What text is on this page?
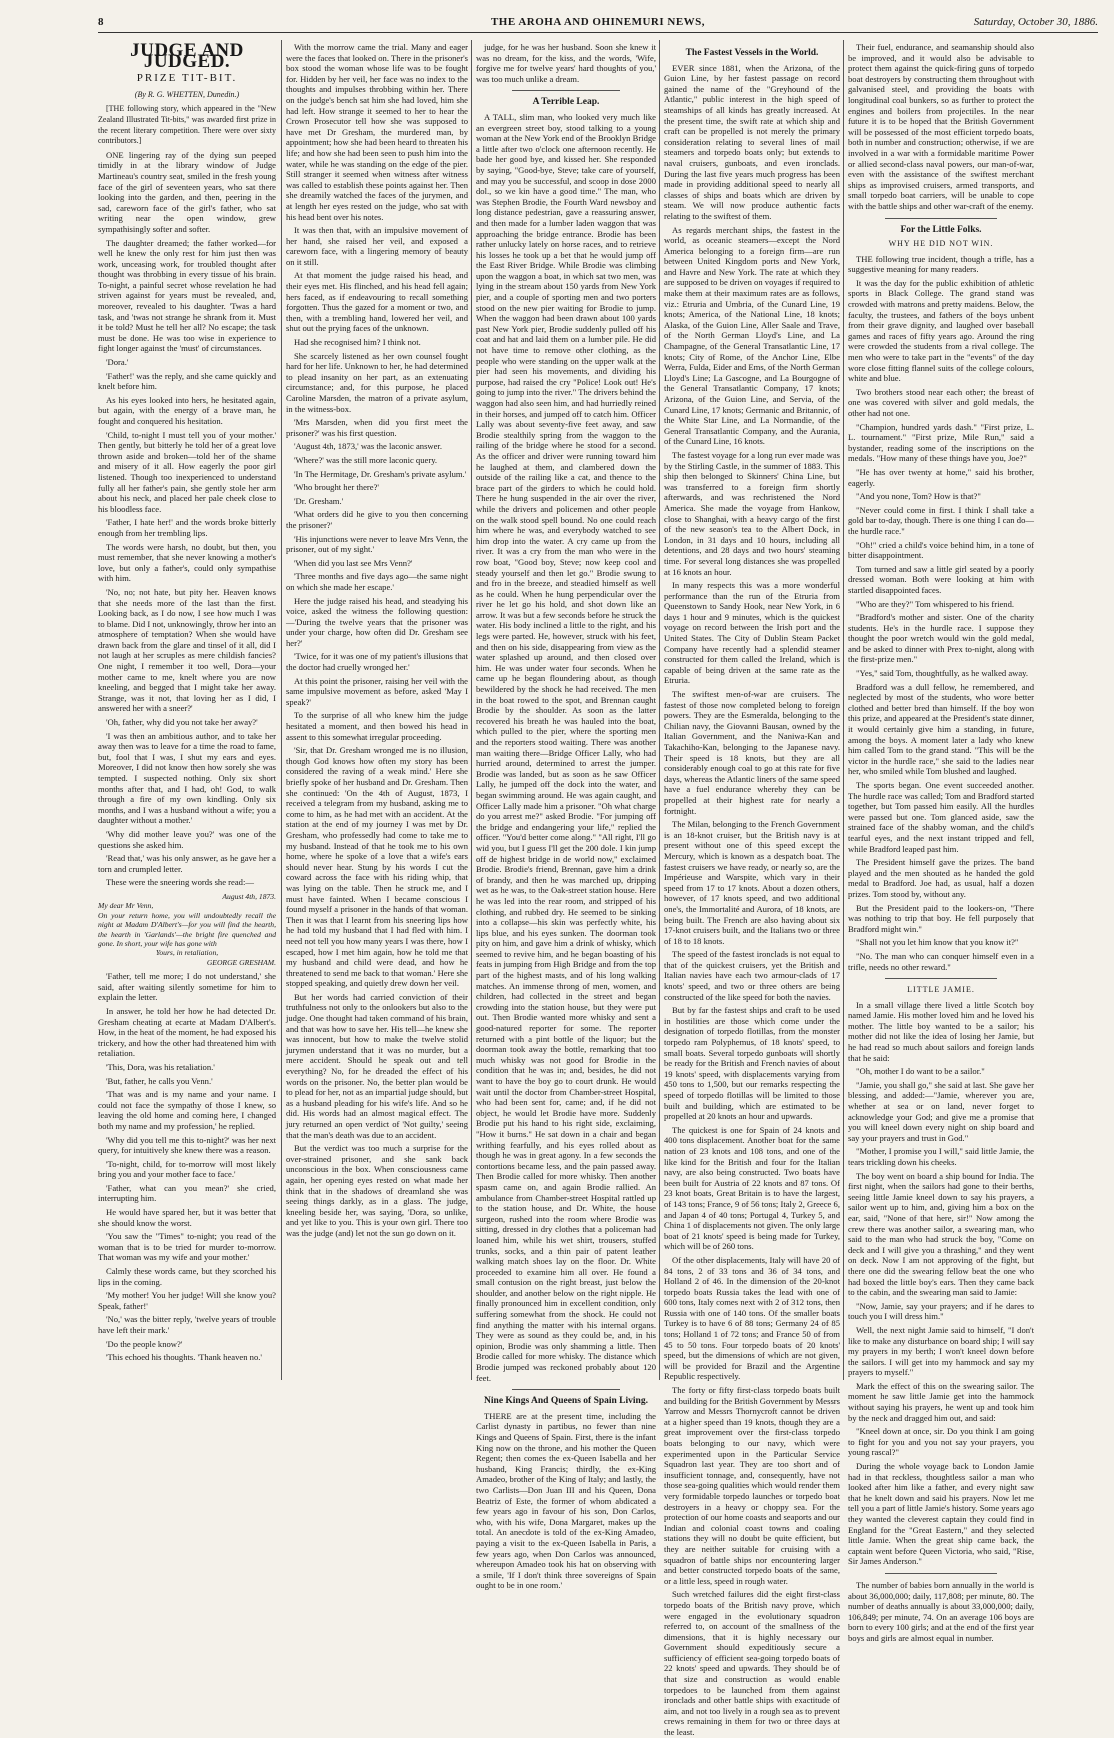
8	THE AROHA AND OHINEMURI NEWS,	Saturday, October 30, 1886.
JUDGE AND JUDGED.
PRIZE TIT-BIT.
(By R. G. WHETTEN, Dunedin.)

[THE following story, which appeared in the "New Zealand Illustrated Tit-bits," was awarded first prize in the recent literary competition. There were over sixty contributors.]

ONE lingering ray of the dying sun peeped timidly in at the library window of Judge Martineau's country seat, smiled in the fresh young face of the girl of seventeen years, who sat there looking into the garden, and then, peering in the sad, careworn face of the girl's father, who sat writing near the open window, grew sympathisingly softer and softer.

The daughter dreamed; the father worked—for well he knew the only rest for him just then was work, unceasing work, for troubled thought after thought was throbbing in every tissue of his brain. To-night, a painful secret whose revelation he had striven against for years must be revealed, and, moreover, revealed to his daughter. 'Twas a hard task, and 'twas not strange he shrank from it. Must it be told? Must he tell her all? No escape; the task must be done. He was too wise in experience to fight longer against the 'must' of circumstances.

'Dora.'

'Father!' was the reply, and she came quickly and knelt before him.

As his eyes looked into hers, he hesitated again, but again, with the energy of a brave man, he fought and conquered his hesitation.

'Child, to-night I must tell you of your mother.' Then gently, but bitterly he told her of a great love thrown aside and broken—told her of the shame and misery of it all. How eagerly the poor girl listened. Though too inexperienced to understand fully all her father's pain, she gently stole her arm about his neck, and placed her pale cheek close to his bloodless face.

'Father, I hate her!' and the words broke bitterly enough from her trembling lips.

The words were harsh, no doubt, but then, you must remember, that she never knowing a mother's love, but only a father's, could only sympathise with him.

'No, no; not hate, but pity her. Heaven knows that she needs more of the last than the first. Looking back, as I do now, I see how much I was to blame. Did I not, unknowingly, throw her into an atmosphere of temptation? When she would have drawn back from the glare and tinsel of it all, did I not laugh at her scruples as mere childish fancies? One night, I remember it too well, Dora—your mother came to me, knelt where you are now kneeling, and begged that I might take her away. Strange, was it not, that loving her as I did, I answered her with a sneer?'

'Oh, father, why did you not take her away?'

'I was then an ambitious author, and to take her away then was to leave for a time the road to fame, but, fool that I was, I shut my ears and eyes. Moreover, I did not know then how sorely she was tempted. I suspected nothing. Only six short months after that, and I had, oh! God, to walk through a fire of my own kindling. Only six months, and I was a husband without a wife; you a daughter without a mother.'

'Why did mother leave you?' was one of the questions she asked him.

'Read that,' was his only answer, as he gave her a torn and crumpled letter.

These were the sneering words she read:—

August 4th, 1873.
My dear Mr Venn,
On your return home, you will undoubtedly recall the night at Madam D'Albert's—for you will find the hearth, the hearth in 'Garlands'—the bright fire quenched and gone. In short, your wife has gone with
Yours, in retaliation,
GEORGE GRESHAM.

'Father, tell me more; I do not understand,' she said, after waiting silently sometime for him to explain the letter.

In answer, he told her how he had detected Dr. Gresham cheating at ecarte at Madam D'Albert's. How, in the heat of the moment, he had exposed his trickery, and how the other had threatened him with retaliation.

'This, Dora, was his retaliation.'

'But, father, he calls you Venn.'

'That was and is my name and your name. I could not face the sympathy of those I knew, so leaving the old home and coming here, I changed both my name and my profession,' he replied.

'Why did you tell me this to-night?' was her next query, for intuitively she knew there was a reason.

'To-night, child, for to-morrow will most likely bring you and your mother face to face.'

'Father, what can you mean?' she cried, interrupting him.

He would have spared her, but it was better that she should know the worst.

'You saw the "Times" to-night; you read of the woman that is to be tried for murder to-morrow. That woman was my wife and your mother.'

Calmly these words came, but they scorched his lips in the coming.

'My mother! You her judge! Will she know you? Speak, father!'

'No,' was the bitter reply, 'twelve years of trouble have left their mark.'

'Do the people know?'

'This echoed his thoughts. 'Thank heaven no.'

With the morrow came the trial. Many and eager were the faces that looked on. There in the prisoner's box stood the woman whose life was to be fought for. Hidden by her veil, her face was no index to the thoughts and impulses throbbing within her. There on the judge's bench sat him she had loved, him she had left. How strange it seemed to her to hear the Crown Prosecutor tell how she was supposed to have met Dr Gresham, the murdered man, by appointment; how she had been heard to threaten his life; and how she had been seen to push him into the water, while he was standing on the edge of the pier. Still stranger it seemed when witness after witness was called to establish these points against her. Then she dreamily watched the faces of the jurymen, and at length her eyes rested on the judge, who sat with his head bent over his notes.

It was then that, with an impulsive movement of her hand, she raised her veil, and exposed a careworn face, with a lingering memory of beauty on it still.

At that moment the judge raised his head, and their eyes met. His flinched, and his head fell again; hers faced, as if endeavouring to recall something forgotten. Thus the gazed for a moment or two, and then, with a trembling hand, lowered her veil, and shut out the prying faces of the unknown.

Had she recognised him? I think not.

She scarcely listened as her own counsel fought hard for her life. Unknown to her, he had determined to plead insanity on her part, as an extenuating circumstance; and, for this purpose, he placed Caroline Marsden, the matron of a private asylum, in the witness-box.

'Mrs Marsden, when did you first meet the prisoner?' was his first question.

'August 4th, 1873,' was the laconic answer.

'Where?' was the still more laconic query.

'In The Hermitage, Dr. Gresham's private asylum.'

'Who brought her there?'

'Dr. Gresham.'

'What orders did he give to you then concerning the prisoner?'

'His injunctions were never to leave Mrs Venn, the prisoner, out of my sight.'

'When did you last see Mrs Venn?'

'Three months and five days ago—the same night on which she made her escape.'

Here the judge raised his head, and steadying his voice, asked the witness the following question:—'During the twelve years that the prisoner was under your charge, how often did Dr. Gresham see her?'

'Twice, for it was one of my patient's illusions that the doctor had cruelly wronged her.'

At this point the prisoner, raising her veil with the same impulsive movement as before, asked 'May I speak?'

To the surprise of all who knew him the judge hesitated a moment, and then bowed his head in assent to this somewhat irregular proceeding.

'Sir, that Dr. Gresham wronged me is no illusion, though God knows how often my story has been considered the raving of a weak mind.' Here she briefly spoke of her husband and Dr. Gresham. Then she continued: 'On the 4th of August, 1873, I received a telegram from my husband, asking me to come to him, as he had met with an accident. At the station at the end of my journey I was met by Dr. Gresham, who professedly had come to take me to my husband. Instead of that he took me to his own home, where he spoke of a love that a wife's ears should never hear. Stung by his words I cut the coward across the face with his riding whip, that was lying on the table. Then he struck me, and I must have fainted. When I became conscious I found myself a prisoner in the hands of that woman. Then it was that I learnt from his sneering lips how he had told my husband that I had fled with him. I need not tell you how many years I was there, how I escaped, how I met him again, how he told me that my husband and child were dead, and how he threatened to send me back to that woman.' Here she stopped speaking, and quietly drew down her veil.

But her words had carried conviction of their truthfulness not only to the onlookers but also to the judge. One thought had taken command of his brain, and that was how to save her. His tell—he knew she was innocent, but how to make the twelve stolid jurymen understand that it was no murder, but a mere accident. Should he speak out and tell everything? No, for he dreaded the effect of his words on the prisoner. No, the better plan would be to plead for her, not as an impartial judge should, but as a husband pleading for his wife's life. And so he did. His words had an almost magical effect. The jury returned an open verdict of 'Not guilty,' seeing that the man's death was due to an accident.

But the verdict was too much a surprise for the over-strained prisoner, and she sank back unconscious in the box. When consciousness came again, her opening eyes rested on what made her think that in the shadows of dreamland she was seeing things darkly, as in a glass. The judge, kneeling beside her, was saying, 'Dora, so unlike, and yet like to you. This is your own girl. There too was the judge (and) let not the sun go down on it.

judge, for he was her husband. Soon she knew it was no dream, for the kiss, and the words, 'Wife, forgive me for twelve years' hard thoughts of you,' was too much unlike a dream.

A Terrible Leap.

A TALL, slim man, who looked very much like an evergreen street boy, stood talking to a young woman at the New York end of the Brooklyn Bridge a little after two o'clock one afternoon recently. He bade her good bye, and kissed her. She responded by saying, "Good-bye, Steve; take care of yourself, and may you be successful, and scoop in dose 2000 dol., so we kin have a good time." The man, who was Stephen Brodie, the Fourth Ward newsboy and long distance pedestrian, gave a reassuring answer, and then made for a lumber laden waggon that was approaching the bridge entrance. Brodie has been rather unlucky lately on horse races, and to retrieve his losses he took up a bet that he would jump off the East River Bridge. While Brodie was climbing upon the waggon a boat, in which sat two men, was lying in the stream about 150 yards from New York pier, and a couple of sporting men and two porters stood on the new pier waiting for Brodie to jump. When the waggon had been drawn about 100 yards past New York pier, Brodie suddenly pulled off his coat and hat and laid them on a lumber pile. He did not have time to remove other clothing, as the people who were standing on the upper walk at the pier had seen his movements, and dividing his purpose, had raised the cry "Police! Look out! He's going to jump into the river." The drivers behind the waggon had also seen him, and had hurriedly reined in their horses, and jumped off to catch him. Officer Lally was about seventy-five feet away, and saw Brodie stealthily spring from the waggon to the railing of the bridge where he stood for a second. As the officer and driver were running toward him he laughed at them, and clambered down the outside of the railing like a cat, and thence to the brace part of the girders to which he could hold. There he hung suspended in the air over the river, while the drivers and policemen and other people on the walk stood spell bound. No one could reach him where he was, and everybody watched to see him drop into the water. A cry came up from the river. It was a cry from the man who were in the row boat, "Good boy, Steve; now keep cool and steady yourself and then let go." Brodie swung to and fro in the breeze, and steadied himself as well as he could. When he hung perpendicular over the river he let go his hold, and shot down like an arrow. It was but a few seconds before he struck the water. His body inclined a little to the right, and his legs were parted. He, however, struck with his feet, and then on his side, disappearing from view as the water splashed up around, and then closed over him. He was under water four seconds. When he came up he began floundering about, as though bewildered by the shock he had received. The men in the boat rowed to the spot, and Brennan caught Brodie by the shoulder. As soon as the latter recovered his breath he was hauled into the boat, which pulled to the pier, where the sporting men and the reporters stood waiting. There was another man waiting there—Bridge Officer Lally, who had hurried around, determined to arrest the jumper. Brodie was landed, but as soon as he saw Officer Lally, he jumped off the dock into the water, and began swimming around. He was again caught, and Officer Lally made him a prisoner. "Oh what charge do you arrest me?" asked Brodie. "For jumping off the bridge and endangering your life," replied the officer. "You'd better come along." "All right, I'll go wid you, but I guess I'll get the 200 dole. I kin jump off de highest bridge in de world now," exclaimed Brodie. Brodie's friend, Brennan, gave him a drink of brandy, and then he was marched up, dripping wet as he was, to the Oak-street station house. Here he was led into the rear room, and stripped of his clothing, and rubbed dry. He seemed to be sinking into a collapse—his skin was perfectly white, his lips blue, and his eyes sunken. The doorman took pity on him, and gave him a drink of whisky, which seemed to revive him, and he began boasting of his feats in jumping from High Bridge and from the top part of the highest masts, and of his long walking matches. An immense throng of men, women, and children, had collected in the street and began crowding into the station house, but they were put out. Then Brodie wanted more whisky and sent a good-natured reporter for some. The reporter returned with a pint bottle of the liquor; but the doorman took away the bottle, remarking that too much whisky was not good for Brodie in the condition that he was in; and, besides, he did not want to have the boy go to court drunk. He would wait until the doctor from Chamber-street Hospital, who had been sent for, came; and, if he did not object, he would let Brodie have more. Suddenly Brodie put his hand to his right side, exclaiming, "How it burns." He sat down in a chair and began writhing fearfully, and his eyes rolled about as though he was in great agony. In a few seconds the contortions became less, and the pain passed away. Then Brodie called for more whisky. Then another spasm came on, and again Brodie rallied. An ambulance from Chamber-street Hospital rattled up to the station house, and Dr. White, the house surgeon, rushed into the room where Brodie was sitting, dressed in dry clothes that a policeman had loaned him, while his wet shirt, trousers, stuffed trunks, socks, and a thin pair of patent leather walking match shoes lay on the floor. Dr. White proceeded to examine him all over. He found a small contusion on the right breast, just below the shoulder, and another below on the right nipple. He finally pronounced him in excellent condition, only suffering somewhat from the shock. He could not find anything the matter with his internal organs. They were as sound as they could be, and, in his opinion, Brodie was only shamming a little. Then Brodie called for more whisky. The distance which Brodie jumped was reckoned probably about 120 feet.

Nine Kings And Queens of Spain Living.

THERE are at the present time, including the Carlist dynasty in partibus, no fewer than nine Kings and Queens of Spain. First, there is the infant King now on the throne, and his mother the Queen Regent; then comes the ex-Queen Isabella and her husband, King Francis; thirdly, the ex-King Amadeo, brother of the King of Italy; and lastly, the two Carlists—Don Juan III and his Queen, Dona Beatriz of Este, the former of whom abdicated a few years ago in favour of his son, Don Carlos, who, with his wife, Dona Margaret, makes up the total. An anecdote is told of the ex-King Amadeo, paying a visit to the ex-Queen Isabella in Paris, a few years ago, when Don Carlos was announced, whereupon Amadeo took his hat on observing with a smile, 'If I don't think three sovereigns of Spain ought to be in one room.'

The Fastest Vessels in the World.

EVER since 1881, when the Arizona, of the Guion Line, by her fastest passage on record gained the name of the "Greyhound of the Atlantic," public interest in the high speed of steamships of all kinds has greatly increased. At the present time, the swift rate at which ship and craft can be propelled is not merely the primary consideration relating to several lines of mail steamers and torpedo boats only; but extends to naval cruisers, gunboats, and even ironclads. During the last five years much progress has been made in providing additional speed to nearly all classes of ships and boats which are driven by steam. We will now produce authentic facts relating to the swiftest of them.

As regards merchant ships, the fastest in the world, as oceanic steamers—except the Nord America belonging to a foreign firm—are run between United Kingdom ports and New York, and Havre and New York. The rate at which they are supposed to be driven on voyages if required to make them at their maximum rates are as follows, viz.: Etruria and Umbria, of the Cunard Line, 19 knots; America, of the National Line, 18 knots; Alaska, of the Guion Line, Aller Saale and Trave, of the North German Lloyd's Line, and La Champagne, of the General Transatlantic Line, 17 knots; City of Rome, of the Anchor Line, Elbe Werra, Fulda, Eider and Ems, of the North German Lloyd's Line; La Gascogne, and La Bourgogne of the General Transatlantic Company, 17 knots; Arizona, of the Guion Line, and Servia, of the Cunard Line, 17 knots; Germanic and Britannic, of the White Star Line, and La Normandie, of the General Transatlantic Company, and the Aurania, of the Cunard Line, 16 knots.

The fastest voyage for a long run ever made was by the Stirling Castle, in the summer of 1883. This ship then belonged to Skinners' China Line, but was transferred to a foreign firm shortly afterwards, and was rechristened the Nord America. She made the voyage from Hankow, close to Shanghai, with a heavy cargo of the first of the new season's tea to the Albert Dock, in London, in 31 days and 10 hours, including all detentions, and 28 days and two hours' steaming time. For several long distances she was propelled at 16 knots an hour.

In many respects this was a more wonderful performance than the run of the Etruria from Queenstown to Sandy Hook, near New York, in 6 days 1 hour and 9 minutes, which is the quickest voyage on record between the Irish port and the United States. The City of Dublin Steam Packet Company have recently had a splendid steamer constructed for them called the Ireland, which is capable of being driven at the same rate as the Etruria.

The swiftest men-of-war are cruisers. The fastest of those now completed belong to foreign powers. They are the Esmeralda, belonging to the Chilian navy, the Giovanni Bausan, owned by the Italian Government, and the Naniwa-Kan and Takachiho-Kan, belonging to the Japanese navy. Their speed is 18 knots, but they are all considerably enough coal to go at this rate for five days, whereas the Atlantic liners of the same speed have a fuel endurance whereby they can be propelled at their highest rate for nearly a fortnight.

The Milan, belonging to the French Government is an 18-knot cruiser, but the British navy is at present without one of this speed except the Mercury, which is known as a despatch boat. The fastest cruisers we have ready, or nearly so, are the Impérieuse and Warspite, which vary in their speed from 17 to 17 knots. About a dozen others, however, of 17 knots speed, and two additional one's, the Immortalité and Aurora, of 18 knots, are being built. The French are also having about six 17-knot cruisers built, and the Italians two or three of 18 to 18 knots.

The speed of the fastest ironclads is not equal to that of the quickest cruisers, yet the British and Italian navies have each two armour-clads of 17 knots' speed, and two or three others are being constructed of the like speed for both the navies.

But by far the fastest ships and craft to be used in hostilities are those which come under the designation of torpedo flotillas, from the monster torpedo ram Polyphemus, of 18 knots' speed, to small boats. Several torpedo gunboats will shortly be ready for the British and French navies of about 19 knots' speed, with displacements varying from 450 tons to 1,500, but our remarks respecting the speed of torpedo flotillas will be limited to those built and building, which are estimated to be propelled at 20 knots an hour and upwards.

The quickest is one for Spain of 24 knots and 400 tons displacement. Another boat for the same nation of 23 knots and 108 tons, and one of the like kind for the British and four for the Italian navy, are also being constructed. Two boats have been built for Austria of 22 knots and 87 tons. Of 23 knot boats, Great Britain is to have the largest, of 143 tons; France, 9 of 56 tons; Italy 2, Greece 6, and Japan 4 of 40 tons; Portugal 4, Turkey 5, and China 1 of displacements not given. The only large boat of 21 knots' speed is being made for Turkey, which will be of 260 tons.

Of the other displacements, Italy will have 20 of 84 tons, 2 of 33 tons and 36 of 34 tons, and Holland 2 of 46. In the dimension of the 20-knot torpedo boats Russia takes the lead with one of 600 tons, Italy comes next with 2 of 312 tons, then Russia with one of 140 tons. Of the smaller boats Turkey is to have 6 of 88 tons; Germany 24 of 85 tons; Holland 1 of 72 tons; and France 50 of from 45 to 50 tons. Four torpedo boats of 20 knots' speed, but the dimensions of which are not given, will be provided for Brazil and the Argentine Republic respectively.

The forty or fifty first-class torpedo boats built and building for the British Government by Messrs Yarrow and Messrs Thornycroft cannot be driven at a higher speed than 19 knots, though they are a great improvement over the first-class torpedo boats belonging to our navy, which were experimented upon in the Particular Service Squadron last year. They are too short and of insufficient tonnage, and, consequently, have not those sea-going qualities which would render them very formidable torpedo launches or torpedo boat destroyers in a heavy or choppy sea. For the protection of our home coasts and seaports and our Indian and colonial coast towns and coaling stations they will no doubt be quite efficient, but they are neither suitable for cruising with a squadron of battle ships nor encountering larger and better constructed torpedo boats of the same, or a little less, speed in rough water.

Such wretched failures did the eight first-class torpedo boats of the British navy prove, which were engaged in the evolutionary squadron referred to, on account of the smallness of the dimensions, that it is highly necessary our Government should expeditiously secure a sufficiency of efficient sea-going torpedo boats of 22 knots' speed and upwards. They should be of that size and construction as would enable torpedoes to be launched from them against ironclads and other battle ships with exactitude of aim, and not too lively in a rough sea as to prevent crews remaining in them for two or three days at the least.

Their fuel, endurance, and seamanship should also be improved, and it would also be advisable to protect them against the quick-firing guns of torpedo boat destroyers by constructing them throughout with galvanised steel, and providing the boats with longitudinal coal bunkers, so as further to protect the engines and boilers from projectiles. In the near future it is to be hoped that the British Government will be possessed of the most efficient torpedo boats, both in number and construction; otherwise, if we are involved in a war with a formidable maritime Power or allied second-class naval powers, our man-of-war, even with the assistance of the swiftest merchant ships as improvised cruisers, armed transports, and small torpedo boat carriers, will be unable to cope with the battle ships and other war-craft of the enemy.

For the Little Folks.
WHY HE DID NOT WIN.

THE following true incident, though a trifle, has a suggestive meaning for many readers.

It was the day for the public exhibition of athletic sports in Black College. The grand stand was crowded with matrons and pretty maidens. Below, the faculty, the trustees, and fathers of the boys unbent from their grave dignity, and laughed over baseball games and races of fifty years ago. Around the ring were crowded the students from a rival college. The men who were to take part in the "events" of the day wore close fitting flannel suits of the college colours, white and blue.

Two brothers stood near each other; the breast of one was covered with silver and gold medals, the other had not one.

"Champion, hundred yards dash." "First prize, L. L. tournament." "First prize, Mile Run," said a bystander, reading some of the inscriptions on the medals. "How many of these things have you, Joe?"

"He has over twenty at home," said his brother, eagerly.

"And you none, Tom? How is that?"

"Never could come in first. I think I shall take a gold bar to-day, though. There is one thing I can do—the hurdle race."

"Oh!" cried a child's voice behind him, in a tone of bitter disappointment.

Tom turned and saw a little girl seated by a poorly dressed woman. Both were looking at him with startled disappointed faces.

"Who are they?" Tom whispered to his friend.

"Bradford's mother and sister. One of the charity students. He's in the hurdle race. I suppose they thought the poor wretch would win the gold medal, and be asked to dinner with Prex to-night, along with the first-prize men."

"Yes," said Tom, thoughtfully, as he walked away.

Bradford was a dull fellow, he remembered, and neglected by most of the students, who wore better clothed and better bred than himself. If the boy won this prize, and appeared at the President's state dinner, it would certainly give him a standing, in future, among the boys. A moment later a lady who knew him called Tom to the grand stand. "This will be the victor in the hurdle race," she said to the ladies near her, who smiled while Tom blushed and laughed.

The sports began. One event succeeded another. The hurdle race was called; Tom and Bradford started together, but Tom passed him easily. All the hurdles were passed but one. Tom glanced aside, saw the strained face of the shabby woman, and the child's tearful eyes, and the next instant tripped and fell, while Bradford leaped past him.

The President himself gave the prizes. The band played and the men shouted as he handed the gold medal to Bradford. Joe had, as usual, half a dozen prizes. Tom stood by, without any.

But the President paid to the lookers-on, "There was nothing to trip that boy. He fell purposely that Bradford might win."

"Shall not you let him know that you know it?"

"No. The man who can conquer himself even in a trifle, needs no other reward."

LITTLE JAMIE.

In a small village there lived a little Scotch boy named Jamie. His mother loved him and he loved his mother. The little boy wanted to be a sailor; his mother did not like the idea of losing her Jamie, but he had read so much about sailors and foreign lands that he said:

"Oh, mother I do want to be a sailor."

"Jamie, you shall go," she said at last. She gave her blessing, and added:—"Jamie, wherever you are, whether at sea or on land, never forget to acknowledge your God; and give me a promise that you will kneel down every night on ship board and say your prayers and trust in God."

"Mother, I promise you I will," said little Jamie, the tears trickling down his cheeks.

The boy went on board a ship bound for India. The first night, when the sailors had gone to their berths, seeing little Jamie kneel down to say his prayers, a sailor went up to him, and, giving him a box on the ear, said, "None of that here, sir!" Now among the crew there was another sailor, a swearing man, who said to the man who had struck the boy, "Come on deck and I will give you a thrashing," and they went on deck. Now I am not approving of the fight, but there one did the swearing fellow beat the one who had boxed the little boy's ears. Then they came back to the cabin, and the swearing man said to Jamie:

"Now, Jamie, say your prayers; and if he dares to touch you I will dress him."

Well, the next night Jamie said to himself, "I don't like to make any disturbance on board ship; I will say my prayers in my berth; I won't kneel down before the sailors. I will get into my hammock and say my prayers to myself."

Mark the effect of this on the swearing sailor. The moment he saw little Jamie get into the hammock without saying his prayers, he went up and took him by the neck and dragged him out, and said:

"Kneel down at once, sir. Do you think I am going to fight for you and you not say your prayers, you young rascal?"

During the whole voyage back to London Jamie had in that reckless, thoughtless sailor a man who looked after him like a father, and every night saw that he knelt down and said his prayers. Now let me tell you a part of little Jamie's history. Some years ago they wanted the cleverest captain they could find in England for the "Great Eastern," and they selected little Jamie. When the great ship came back, the captain went before Queen Victoria, who said, "Rise, Sir James Anderson."

The number of babies born annually in the world is about 36,000,000; daily, 117,808; per minute, 80. The number of deaths annually is about 33,000,000; daily, 106,849; per minute, 74. On an average 106 boys are born to every 100 girls; and at the end of the first year boys and girls are almost equal in number.
